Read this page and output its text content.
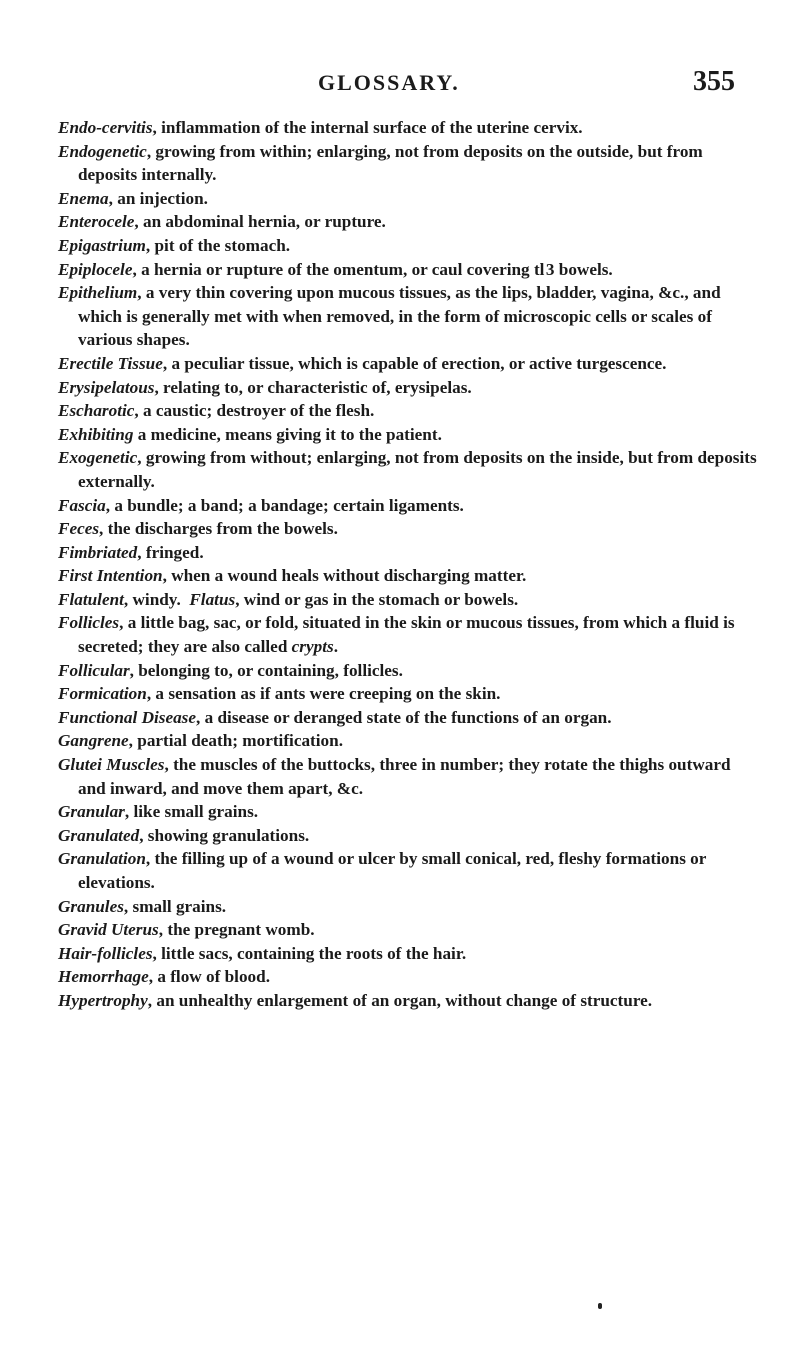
GLOSSARY.	355

Endo-cervitis, inflammation of the internal surface of the uterine cervix.

Endogenetic, growing from within; enlarging, not from deposits on the outside, but from deposits internally.

Enema, an injection.

Enterocele, an abdominal hernia, or rupture.

Epigastrium, pit of the stomach.

Epiplocele, a hernia or rupture of the omentum, or caul covering tl 3 bowels.

Epithelium, a very thin covering upon mucous tissues, as the lips, bladder, vagina, &c., and which is generally met with when removed, in the form of microscopic cells or scales of various shapes.

Erectile Tissue, a peculiar tissue, which is capable of erection, or active turgescence.

Erysipelatous, relating to, or characteristic of, erysipelas.

Escharotic, a caustic; destroyer of the flesh.

Exhibiting a medicine, means giving it to the patient.

Exogenetic, growing from without; enlarging, not from deposits on the inside, but from deposits externally.

Fascia, a bundle; a band; a bandage; certain ligaments.

Feces, the discharges from the bowels.

Fimbriated, fringed.

First Intention, when a wound heals without discharging matter.

Flatulent, windy. Flatus, wind or gas in the stomach or bowels.

Follicles, a little bag, sac, or fold, situated in the skin or mucous tissues, from which a fluid is secreted; they are also called crypts.

Follicular, belonging to, or containing, follicles.

Formication, a sensation as if ants were creeping on the skin.

Functional Disease, a disease or deranged state of the functions of an organ.

Gangrene, partial death; mortification.

Glutei Muscles, the muscles of the buttocks, three in number; they rotate the thighs outward and inward, and move them apart, &c.

Granular, like small grains.

Granulated, showing granulations.

Granulation, the filling up of a wound or ulcer by small conical, red, fleshy formations or elevations.

Granules, small grains.

Gravid Uterus, the pregnant womb.

Hair-follicles, little sacs, containing the roots of the hair.

Hemorrhage, a flow of blood.

Hypertrophy, an unhealthy enlargement of an organ, without change of structure.
